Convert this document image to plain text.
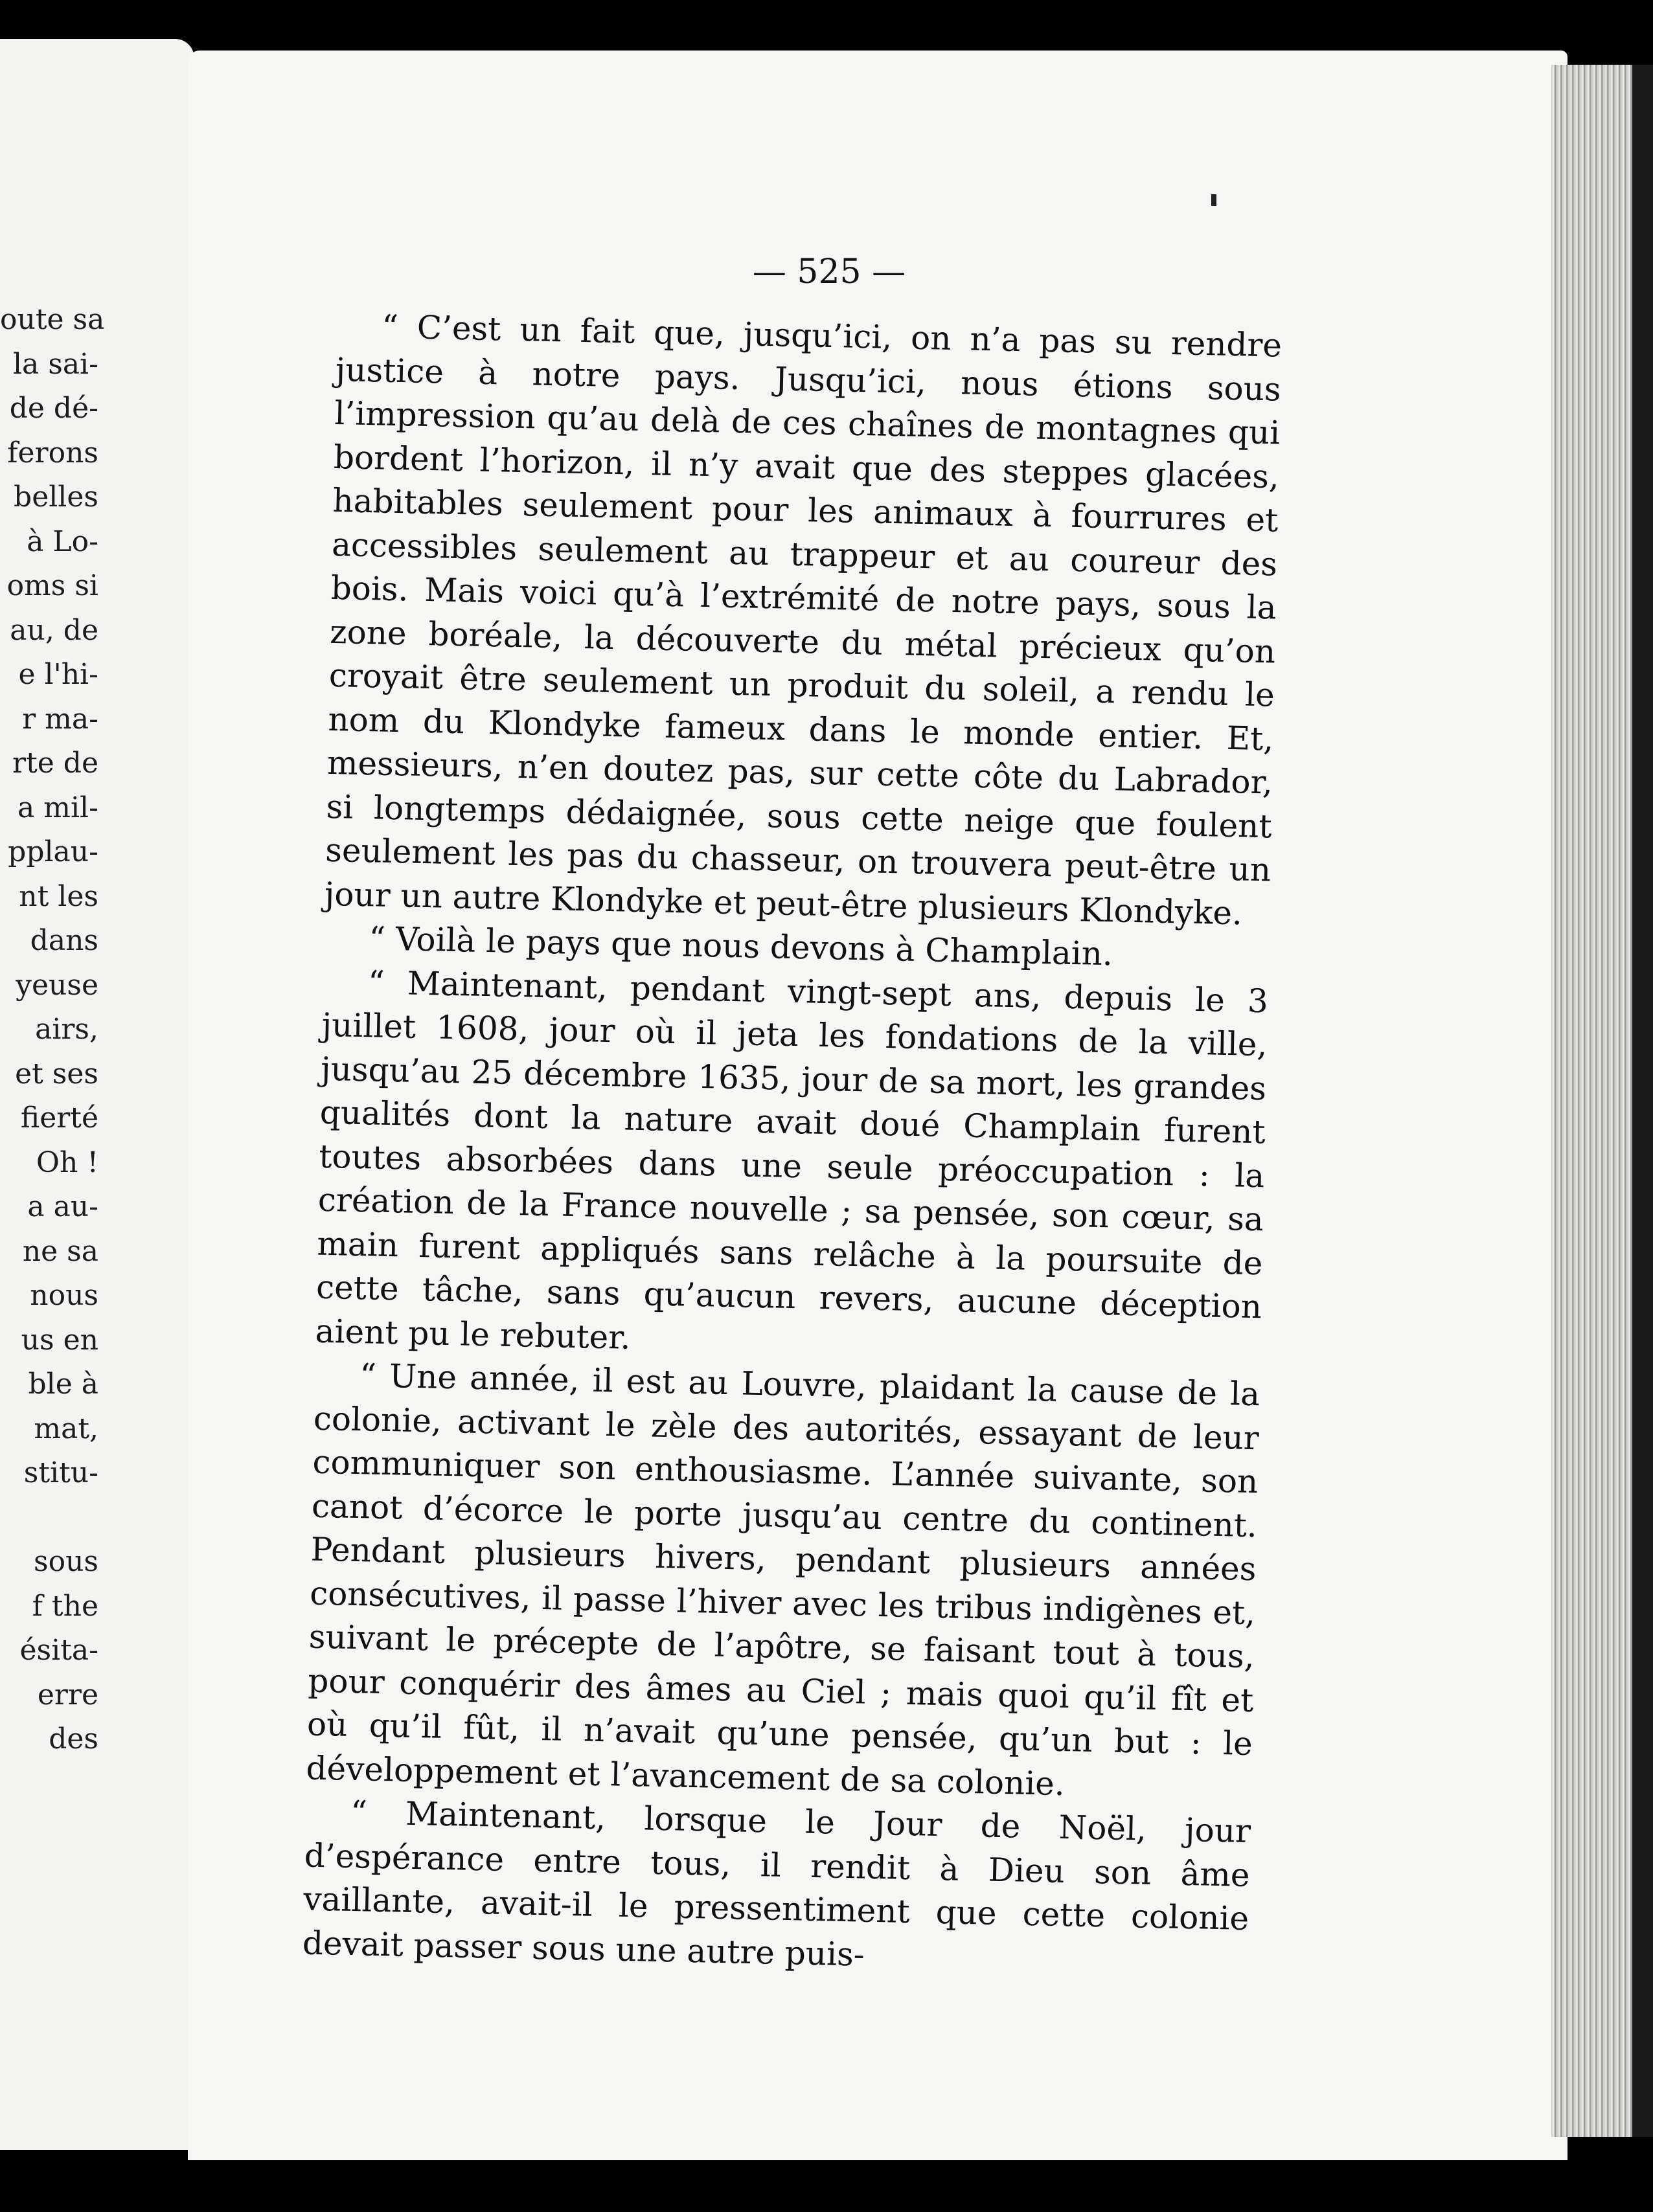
oute sa
la sai-
de dé-
ferons
belles
à Lo-
oms si
au, de
e l'hi-
r ma-
rte de
a mil-
pplau-
nt les
dans
yeuse
airs,
et ses
fierté
Oh !
a au-
ne sa
nous
us en
ble à
mat,
stitu-
sous
f the
ésita-
erre
des
— 525 —

“ C’est un fait que, jusqu’ici, on n’a pas su rendre justice à notre pays. Jusqu’ici, nous étions sous l’impression qu’au delà de ces chaînes de montagnes qui bordent l’horizon, il n’y avait que des steppes glacées, habitables seulement pour les animaux à fourrures et accessibles seulement au trappeur et au coureur des bois. Mais voici qu’à l’extrémité de notre pays, sous la zone boréale, la découverte du métal précieux qu’on croyait être seulement un produit du soleil, a rendu le nom du Klondyke fameux dans le monde entier. Et, messieurs, n’en doutez pas, sur cette côte du Labrador, si longtemps dédaignée, sous cette neige que foulent seulement les pas du chasseur, on trouvera peut-être un jour un autre Klondyke et peut-être plusieurs Klondyke.

“ Voilà le pays que nous devons à Champlain.

“ Maintenant, pendant vingt-sept ans, depuis le 3 juillet 1608, jour où il jeta les fondations de la ville, jusqu’au 25 décembre 1635, jour de sa mort, les grandes qualités dont la nature avait doué Champlain furent toutes absorbées dans une seule préoccupation : la création de la France nouvelle ; sa pensée, son cœur, sa main furent appliqués sans relâche à la poursuite de cette tâche, sans qu’aucun revers, aucune déception aient pu le rebuter.

“ Une année, il est au Louvre, plaidant la cause de la colonie, activant le zèle des autorités, essayant de leur communiquer son enthousiasme. L’année suivante, son canot d’écorce le porte jusqu’au centre du continent. Pendant plusieurs hivers, pendant plusieurs années consécutives, il passe l’hiver avec les tribus indigènes et, suivant le précepte de l’apôtre, se faisant tout à tous, pour conquérir des âmes au Ciel ; mais quoi qu’il fît et où qu’il fût, il n’avait qu’une pensée, qu’un but : le développement et l’avancement de sa colonie.

“ Maintenant, lorsque le Jour de Noël, jour d’espérance entre tous, il rendit à Dieu son âme vaillante, avait-il le pressentiment que cette colonie devait passer sous une autre puis-
